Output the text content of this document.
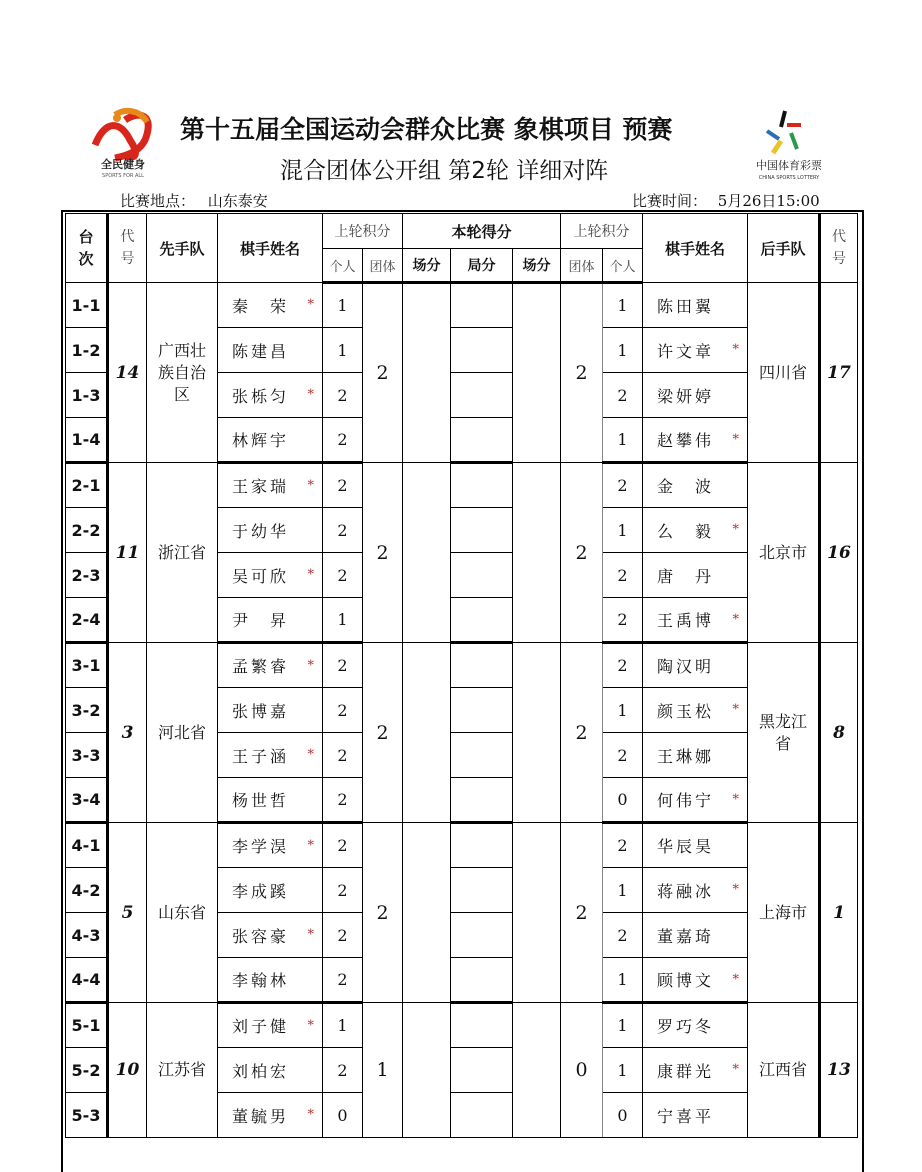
全民健身
SPORTS FOR ALL
第十五届全国运动会群众比赛 象棋项目 预赛
混合团体公开组 第2轮 详细对阵	中国体育彩票
CHINA SPORTS LOTTERY
比赛地点： 山东泰安	比赛时间： 5月26日15:00
台次	代号	先手队	棋手姓名	上轮积分		本轮得分			上轮积分		棋手姓名	后手队	代号
				个人	团体	场分	局分	场分	团体	个人			
1-1	14	广西壮族自治区	秦　荣 *	1	2				2	1	陈田翼	四川省	17
1-2			陈建昌	1						1	许文章 *		

1-3			张栎匀 *	2						2	梁妍婷		

1-4			林辉宇	2						1	赵攀伟 *		

2-1	11	浙江省	王家瑞 *	2	2				2	2	金　波	北京市	16
2-2			于幼华	2						1	么　毅 *		

2-3			吴可欣 *	2						2	唐　丹		

2-4			尹　昇	1						2	王禹博 *		

3-1	3	河北省	孟繁睿 *	2	2				2	2	陶汉明	黑龙江省	8
3-2			张博嘉	2						1	颜玉松 *		

3-3			王子涵 *	2						2	王琳娜		

3-4			杨世哲	2						0	何伟宁 *		

4-1	5	山东省	李学淏 *	2	2				2	2	华辰昊	上海市	1
4-2			李成蹊	2						1	蒋融冰 *		

4-3			张容豪 *	2						2	董嘉琦		

4-4			李翰林	2						1	顾博文 *		

5-1	10	江苏省	刘子健 *	1	1				0	1	罗巧冬	江西省	13
5-2			刘柏宏	2						1	康群光 *		

5-3			董毓男 *	0						0	宁喜平		
